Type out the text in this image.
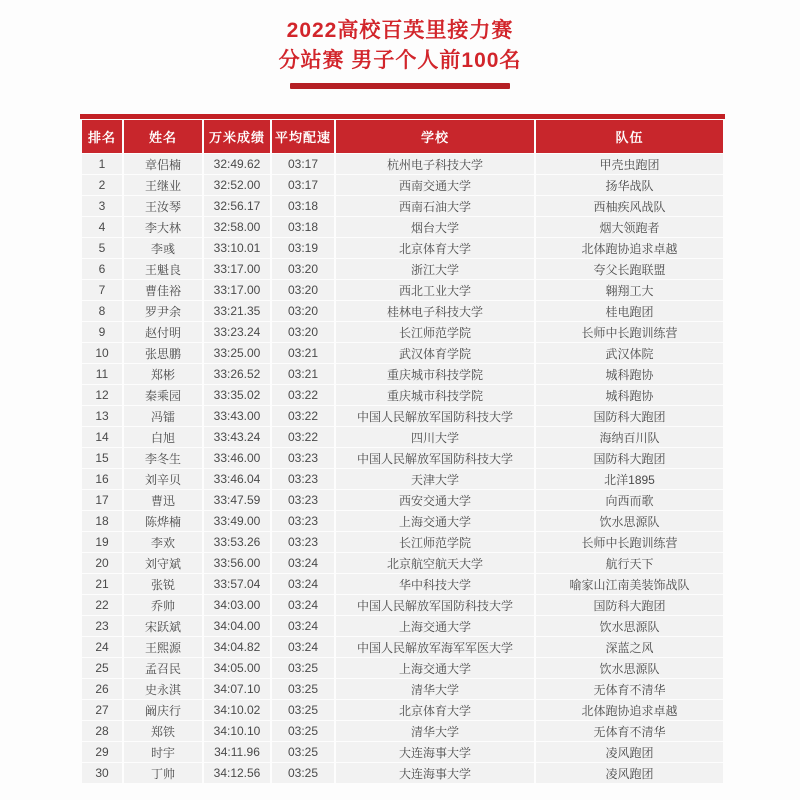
2022高校百英里接力赛
分站赛 男子个人前100名
排名	姓名	万米成绩	平均配速	学校	队伍
1	章侣楠	32:49.62	03:17	杭州电子科技大学	甲壳虫跑团
2	王继业	32:52.00	03:17	西南交通大学	扬华战队
3	王汝琴	32:56.17	03:18	西南石油大学	西柚疾风战队
4	李大林	32:58.00	03:18	烟台大学	烟大领跑者
5	李彧	33:10.01	03:19	北京体育大学	北体跑协追求卓越
6	王魁良	33:17.00	03:20	浙江大学	夸父长跑联盟
7	曹佳裕	33:17.00	03:20	西北工业大学	翱翔工大
8	罗尹余	33:21.35	03:20	桂林电子科技大学	桂电跑团
9	赵付明	33:23.24	03:20	长江师范学院	长师中长跑训练营
10	张思鹏	33:25.00	03:21	武汉体育学院	武汉体院
11	郑彬	33:26.52	03:21	重庆城市科技学院	城科跑协
12	秦乘园	33:35.02	03:22	重庆城市科技学院	城科跑协
13	冯镭	33:43.00	03:22	中国人民解放军国防科技大学	国防科大跑团
14	白旭	33:43.24	03:22	四川大学	海纳百川队
15	李冬生	33:46.00	03:23	中国人民解放军国防科技大学	国防科大跑团
16	刘辛贝	33:46.04	03:23	天津大学	北洋1895
17	曹迅	33:47.59	03:23	西安交通大学	向西而歌
18	陈烨楠	33:49.00	03:23	上海交通大学	饮水思源队
19	李欢	33:53.26	03:23	长江师范学院	长师中长跑训练营
20	刘守斌	33:56.00	03:24	北京航空航天大学	航行天下
21	张锐	33:57.04	03:24	华中科技大学	喻家山江南美装饰战队
22	乔帅	34:03.00	03:24	中国人民解放军国防科技大学	国防科大跑团
23	宋跃斌	34:04.00	03:24	上海交通大学	饮水思源队
24	王熙源	34:04.82	03:24	中国人民解放军海军军医大学	深蓝之风
25	孟召民	34:05.00	03:25	上海交通大学	饮水思源队
26	史永淇	34:07.10	03:25	清华大学	无体育不清华
27	阚庆行	34:10.02	03:25	北京体育大学	北体跑协追求卓越
28	郑铁	34:10.10	03:25	清华大学	无体育不清华
29	时宇	34:11.96	03:25	大连海事大学	凌风跑团
30	丁帅	34:12.56	03:25	大连海事大学	凌风跑团
